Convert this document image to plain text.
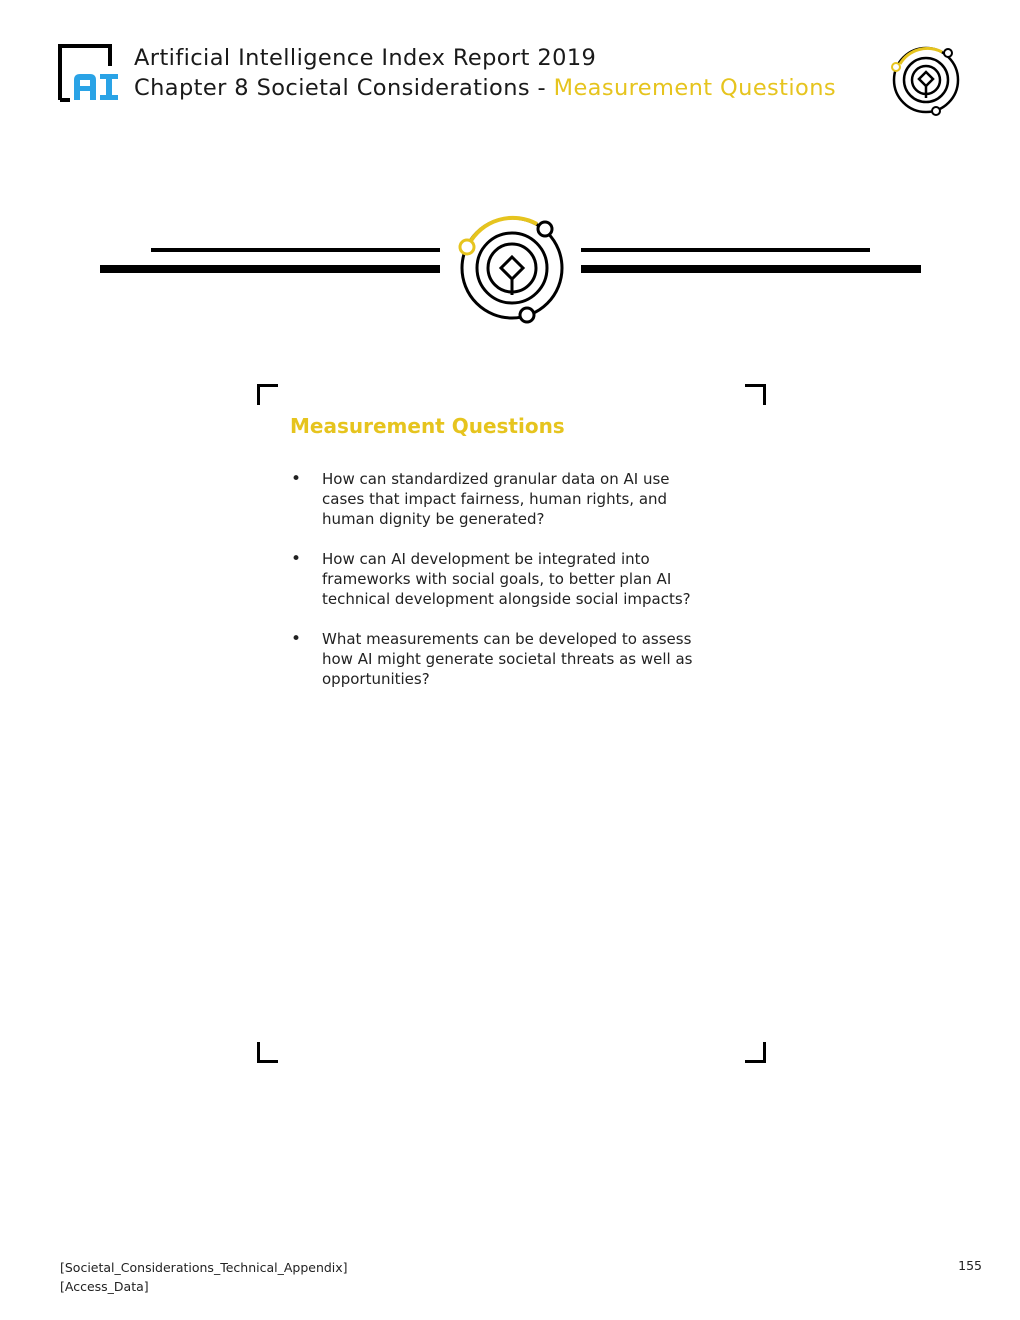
Artificial Intelligence Index Report 2019
Chapter 8 Societal Considerations - Measurement Questions
Measurement Questions
• How can standardized granular data on AI use
cases that impact fairness, human rights, and
human dignity be generated?
• How can AI development be integrated into
frameworks with social goals, to better plan AI
technical development alongside social impacts?
• What measurements can be developed to assess
how AI might generate societal threats as well as
opportunities?
[Societal_Considerations_Technical_Appendix]
[Access_Data]
155
